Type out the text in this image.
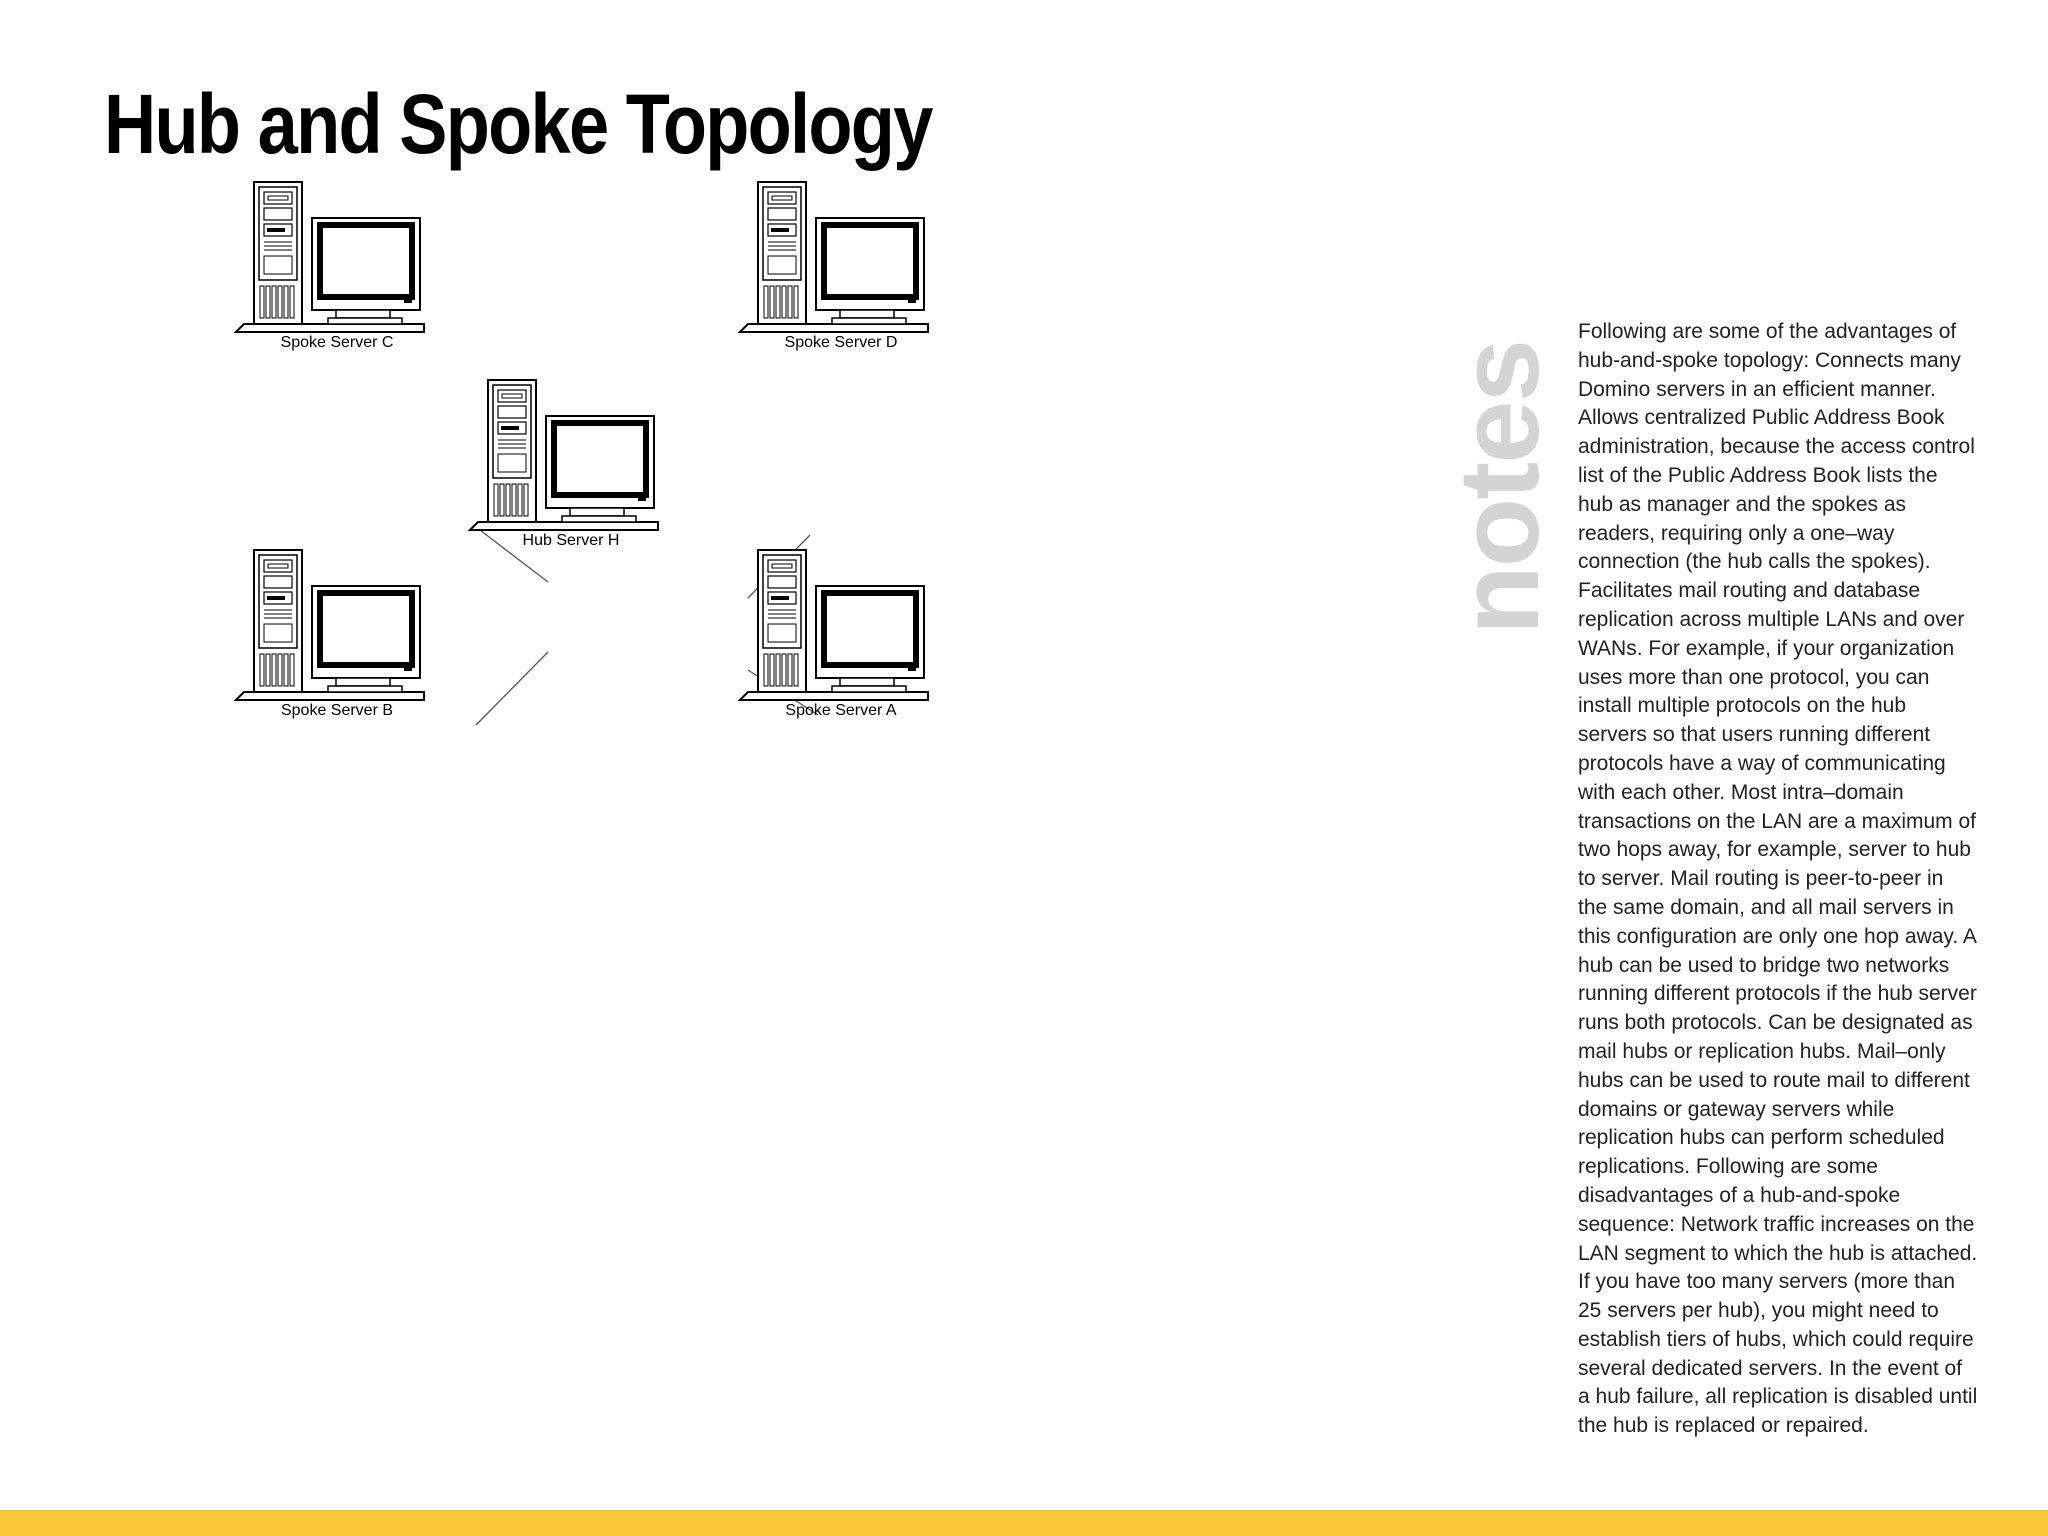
Hub and Spoke Topology
Hub Server H
Spoke Server C	Spoke Server D
Spoke Server B	Spoke Server A
notes

Following are some of the advantages of hub-and-spoke topology: Connects many Domino servers in an efficient manner. Allows centralized Public Address Book administration, because the access control list of the Public Address Book lists the hub as manager and the spokes as readers, requiring only a one–way connection (the hub calls the spokes). Facilitates mail routing and database replication across multiple LANs and over WANs. For example, if your organization uses more than one protocol, you can install multiple protocols on the hub servers so that users running different protocols have a way of communicating with each other. Most intra–domain transactions on the LAN are a maximum of two hops away, for example, server to hub to server. Mail routing is peer-to-peer in the same domain, and all mail servers in this configuration are only one hop away. A hub can be used to bridge two networks running different protocols if the hub server runs both protocols. Can be designated as mail hubs or replication hubs. Mail–only hubs can be used to route mail to different domains or gateway servers while replication hubs can perform scheduled replications. Following are some disadvantages of a hub-and-spoke sequence: Network traffic increases on the LAN segment to which the hub is attached. If you have too many servers (more than 25 servers per hub), you might need to establish tiers of hubs, which could require several dedicated servers. In the event of a hub failure, all replication is disabled until the hub is replaced or repaired.
